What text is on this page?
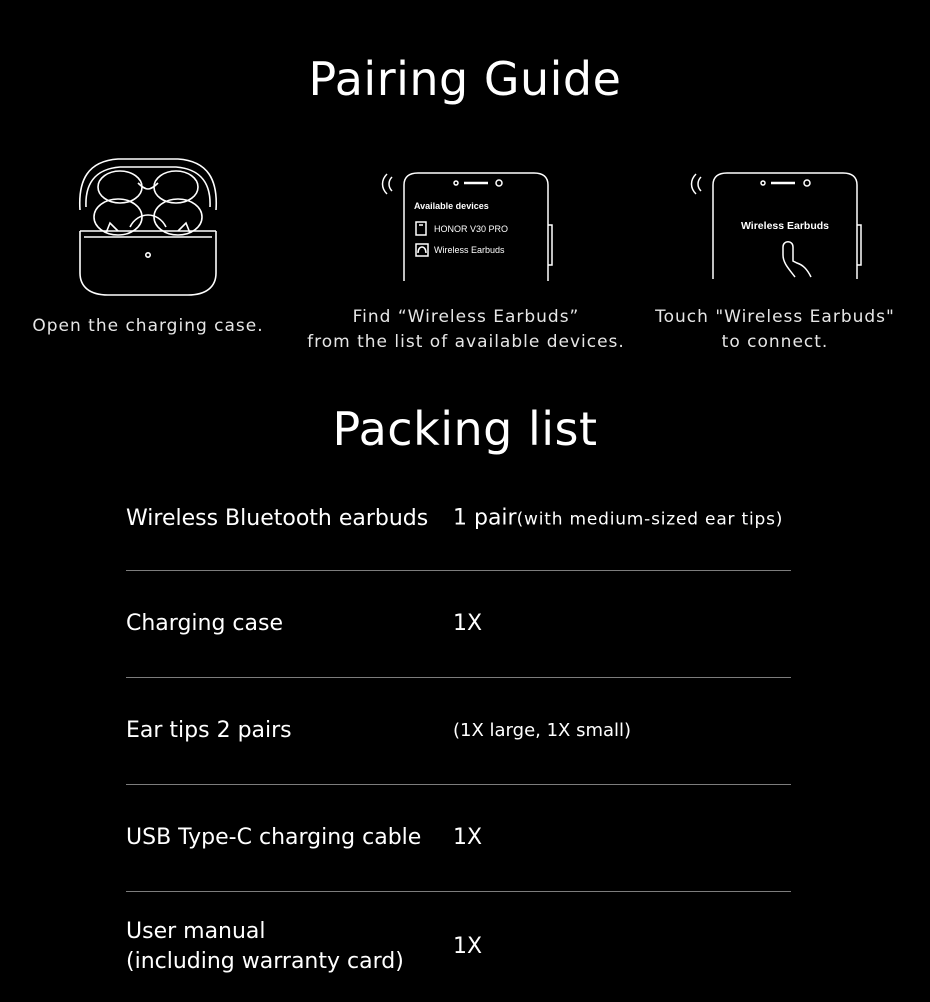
Pairing Guide
Open the charging case.
Available devices
HONOR V30 PRO
Wireless Earbuds
Find “Wireless Earbuds”
from the list of available devices.
Wireless Earbuds
Touch "Wireless Earbuds"
to connect.
Packing list
Wireless Bluetooth earbuds 1 pair(with medium-sized ear tips)
Charging case	1X
Ear tips 2 pairs	(1X large, 1X small)
USB Type-C charging cable 1X
User manual
(including warranty card)
1X
